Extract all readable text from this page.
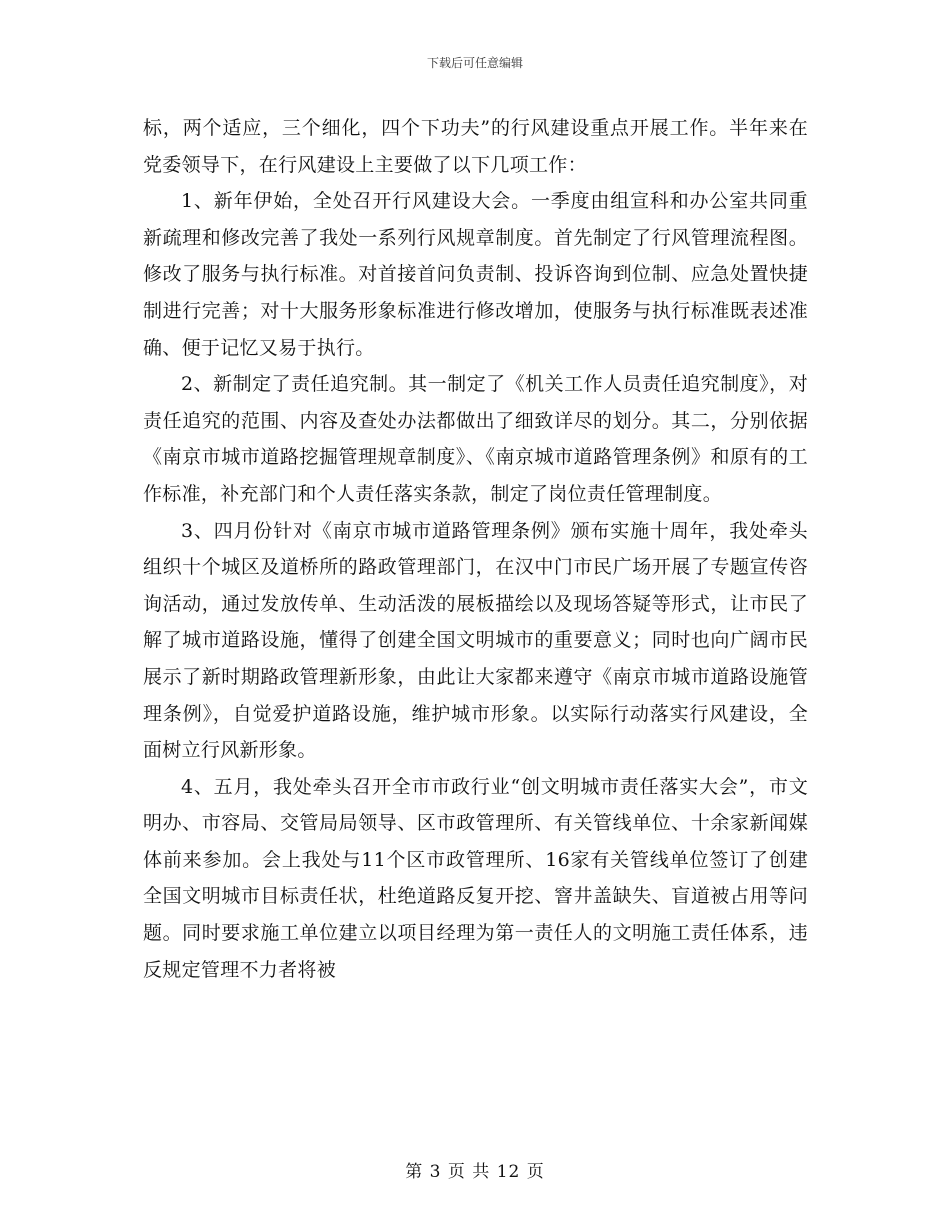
下载后可任意编辑

标，两个适应，三个细化，四个下功夫”的行风建设重点开展工作。半年来在党委领导下，在行风建设上主要做了以下几项工作：

1、新年伊始，全处召开行风建设大会。一季度由组宣科和办公室共同重新疏理和修改完善了我处一系列行风规章制度。首先制定了行风管理流程图。修改了服务与执行标准。对首接首问负责制、投诉咨询到位制、应急处置快捷制进行完善；对十大服务形象标准进行修改增加，使服务与执行标准既表述准确、便于记忆又易于执行。

2、新制定了责任追究制。其一制定了《机关工作人员责任追究制度》，对责任追究的范围、内容及查处办法都做出了细致详尽的划分。其二，分别依据《南京市城市道路挖掘管理规章制度》、《南京城市道路管理条例》和原有的工作标准，补充部门和个人责任落实条款，制定了岗位责任管理制度。

3、四月份针对《南京市城市道路管理条例》颁布实施十周年，我处牵头组织十个城区及道桥所的路政管理部门，在汉中门市民广场开展了专题宣传咨询活动，通过发放传单、生动活泼的展板描绘以及现场答疑等形式，让市民了解了城市道路设施，懂得了创建全国文明城市的重要意义；同时也向广阔市民展示了新时期路政管理新形象，由此让大家都来遵守《南京市城市道路设施管理条例》，自觉爱护道路设施，维护城市形象。以实际行动落实行风建设，全面树立行风新形象。

4、五月，我处牵头召开全市市政行业“创文明城市责任落实大会”，市文明办、市容局、交管局局领导、区市政管理所、有关管线单位、十余家新闻媒体前来参加。会上我处与11个区市政管理所、16家有关管线单位签订了创建全国文明城市目标责任状，杜绝道路反复开挖、窨井盖缺失、盲道被占用等问题。同时要求施工单位建立以项目经理为第一责任人的文明施工责任体系，违反规定管理不力者将被

第 3 页 共 12 页
